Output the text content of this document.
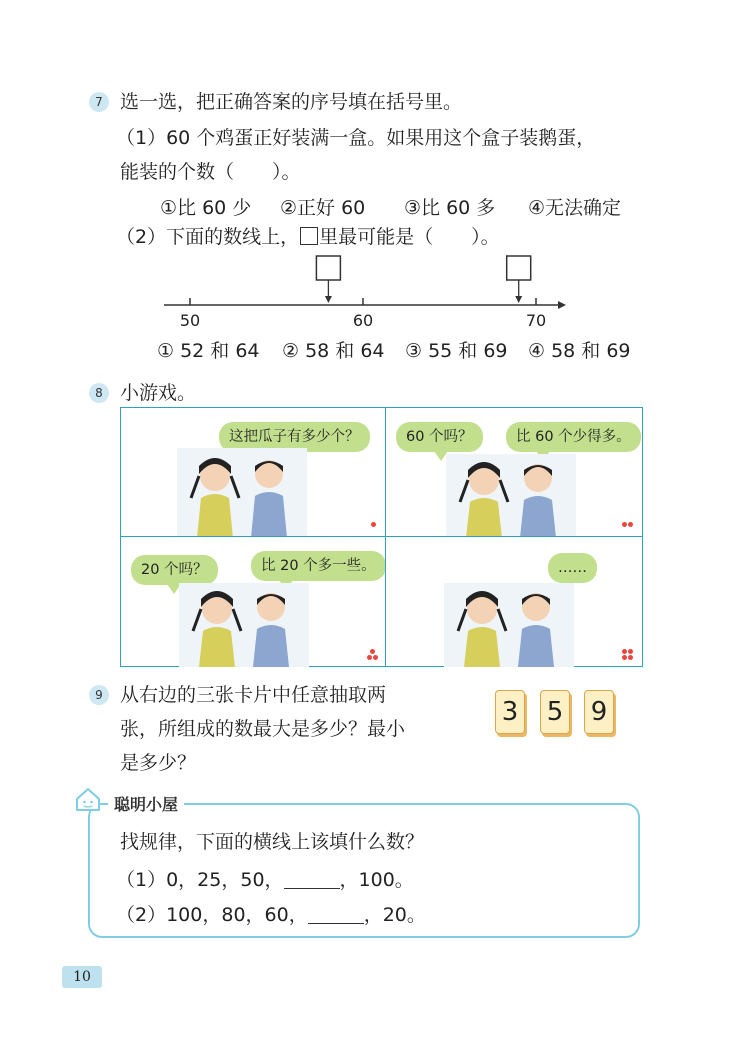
7 选一选，把正确答案的序号填在括号里。
（1）60 个鸡蛋正好装满一盒。如果用这个盒子装鹅蛋，
能装的个数（　　）。
①比 60 少 ②正好 60 ③比 60 多 ④无法确定
（2）下面的数线上， 里最可能是（　　）。
50	60	70
① 52 和 64 ② 58 和 64 ③ 55 和 69 ④ 58 和 69
8 小游戏。
这把瓜子有多少个？	60 个吗？	比 60 个少得多。
20 个吗？	比 20 个多一些。	……
9 从右边的三张卡片中任意抽取两
张，所组成的数最大是多少？最小
是多少？
3 5 9
聪明小屋
找规律，下面的横线上该填什么数？
（1）0，25，50，	，100。
（2）100，80，60，	，20。
10
